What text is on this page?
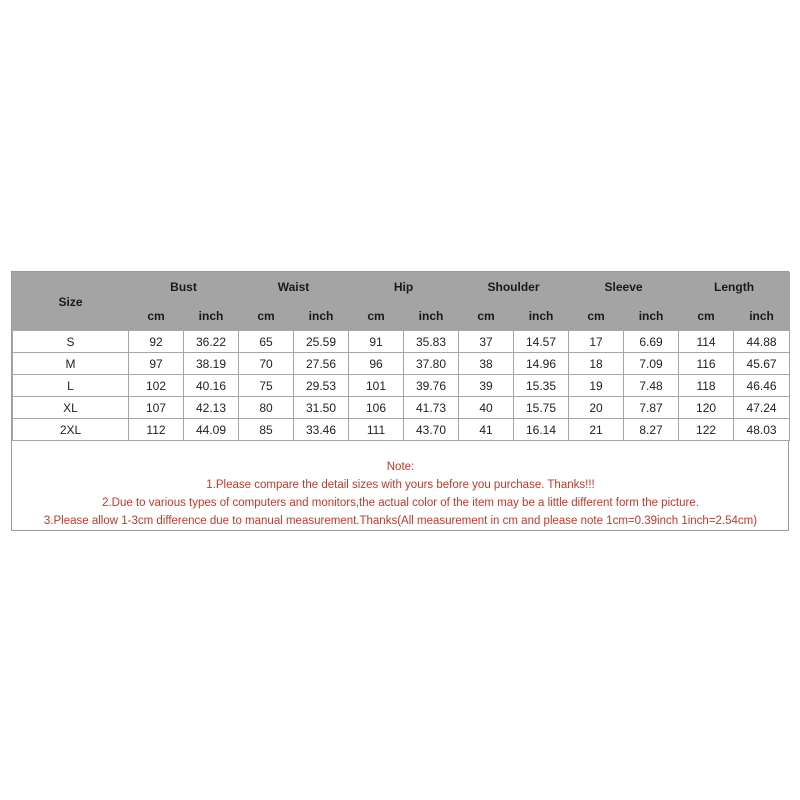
Size	Bust		Waist		Hip		Shoulder		Sleeve		Length	
	cm	inch	cm	inch	cm	inch	cm	inch	cm	inch	cm	inch
S	92	36.22	65	25.59	91	35.83	37	14.57	17	6.69	114	44.88
M	97	38.19	70	27.56	96	37.80	38	14.96	18	7.09	116	45.67
L	102	40.16	75	29.53	101	39.76	39	15.35	19	7.48	118	46.46
XL	107	42.13	80	31.50	106	41.73	40	15.75	20	7.87	120	47.24
2XL	112	44.09	85	33.46	111	43.70	41	16.14	21	8.27	122	48.03
Note:
1.Please compare the detail sizes with yours before you purchase. Thanks!!!
2.Due to various types of computers and monitors,the actual color of the item may be a little different form the picture.
3.Please allow 1-3cm difference due to manual measurement.Thanks(All measurement in cm and please note 1cm=0.39inch 1inch=2.54cm)
